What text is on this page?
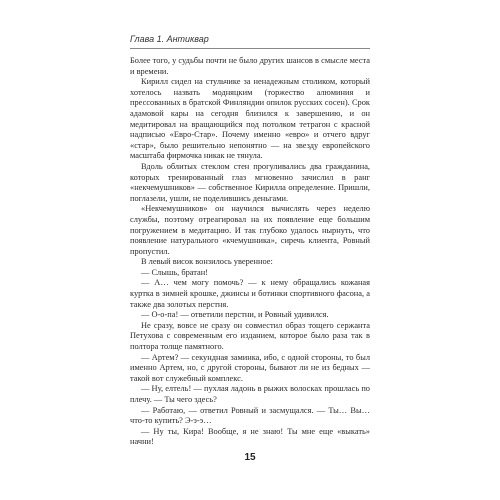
Глава 1. Антиквар

Более того, у судьбы почти не было других шансов в смысле места и времени.

Кирилл сидел на стульчике за ненадежным столиком, который хотелось назвать модняцким (торжество алюминия и прессованных в братской Финляндии опилок русских сосен). Срок адамовой кары на сегодня близился к завершению, и он медитировал на вращающийся под потолком тетрагон с красной надписью «Евро-Стар». Почему именно «евро» и отчего вдруг «стар», было решительно непонятно — на звезду европейского масштаба фирмочка никак не тянула.

Вдоль облитых стеклом стен прогуливались два гражданина, которых тренированный глаз мгновенно зачислил в ранг «некчемушников» — собственное Кирилла определение. Пришли, поглазели, ушли, не поделившись деньгами.

«Некчемушников» он научился вычислять через неделю службы, поэтому отреагировал на их появление еще большим погружением в медитацию. И так глубоко удалось нырнуть, что появление натурального «кчемушника», сиречь клиента, Ровный пропустил.

В левый висок вонзилось уверенное:

— Слышь, братан!

— А… чем могу помочь? — к нему обращались кожаная куртка в зимней крошке, джинсы и ботинки спортивного фасона, а также два золотых перстня.

— О-о-па! — ответили перстни, и Ровный удивился.

Не сразу, вовсе не сразу он совместил образ тощего сержанта Петухова с современным его изданием, которое было раза так в полтора толще памятного.

— Артем? — секундная заминка, ибо, с одной стороны, то был именно Артем, но, с другой стороны, бывают ли не из бедных — такой вот служебный комплекс.

— Ну, елтель! — пухлая ладонь в рыжих волосках прошлась по плечу. — Ты чего здесь?

— Работаю, — ответил Ровный и засмущался. — Ты… Вы… что-то купить? Э-э-э…

— Ну ты, Кира! Вообще, я не знаю! Ты мне еще «выкать» начни!

15
